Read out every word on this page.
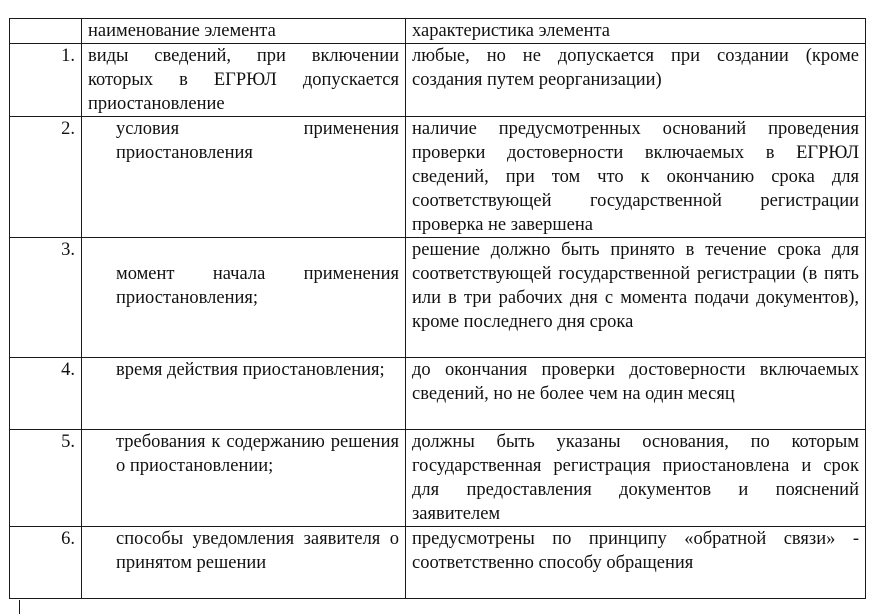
	наименование элемента	характеристика элемента
1.	виды сведений, при включении которых в ЕГРЮЛ допускается приостановление	любые, но не допускается при создании (кроме создания путем реорганизации)
2.	условия применения приостановления	наличие предусмотренных оснований проведения проверки достоверности включаемых в ЕГРЮЛ сведений, при том что к окончанию срока для соответствующей государственной регистрации проверка не завершена
3.	момент начала применения приостановления;	решение должно быть принято в течение срока для соответствующей государственной регистрации (в пять или в три рабочих дня с момента подачи документов), кроме последнего дня срока
4.	время действия приостановления;	до окончания проверки достоверности включаемых сведений, но не более чем на один месяц
5.	требования к содержанию решения о приостановлении;	должны быть указаны основания, по которым государственная регистрация приостановлена и срок для предоставления документов и пояснений заявителем
6.	способы уведомления заявителя о принятом решении	предусмотрены по принципу «обратной связи» - соответственно способу обращения
